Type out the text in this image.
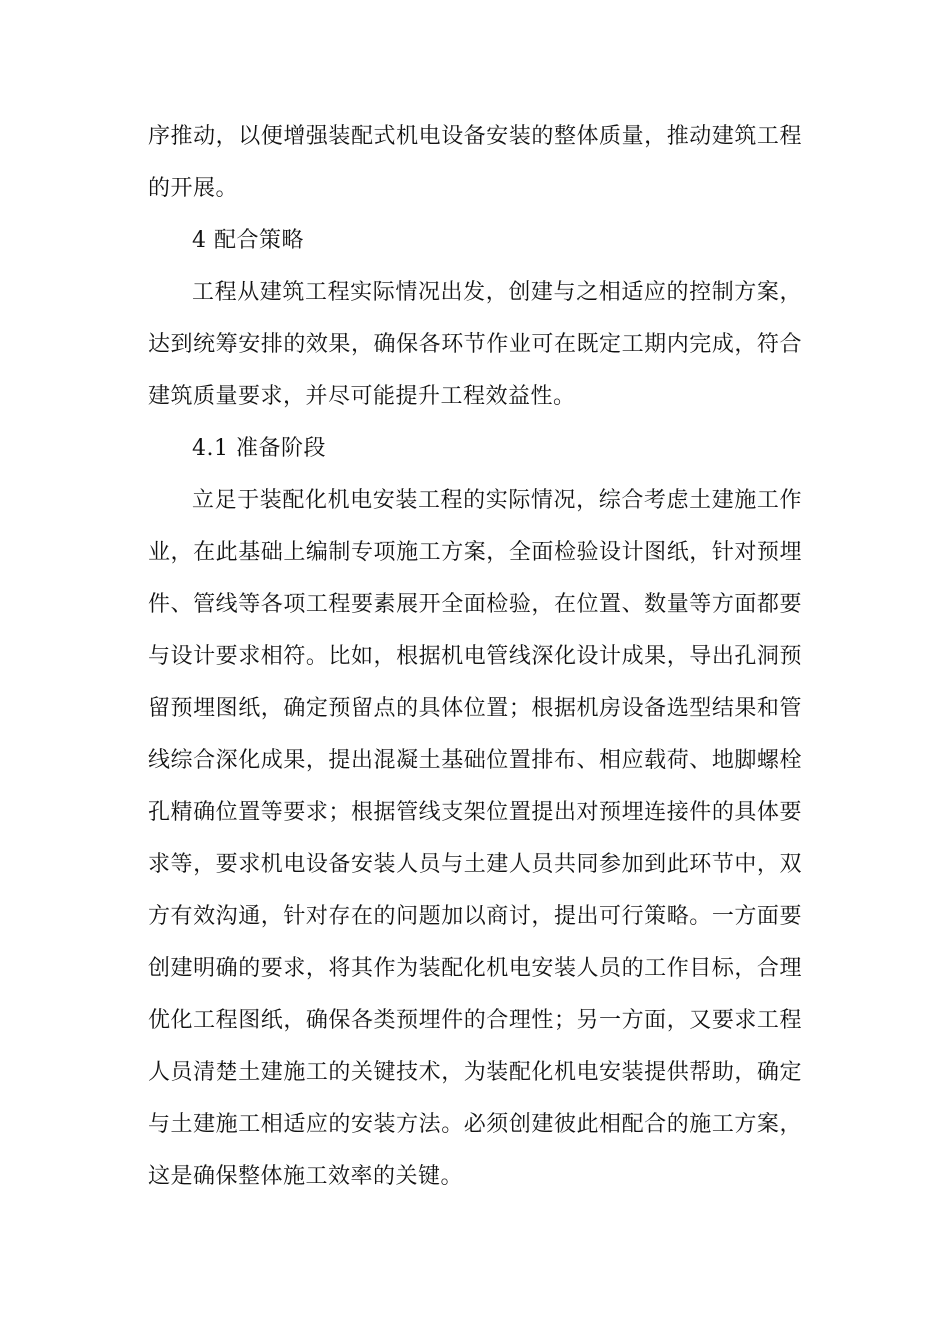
序推动，以便增强装配式机电设备安装的整体质量，推动建筑工程
的开展。
4 配合策略
工程从建筑工程实际情况出发，创建与之相适应的控制方案，
达到统筹安排的效果，确保各环节作业可在既定工期内完成，符合
建筑质量要求，并尽可能提升工程效益性。
4.1 准备阶段
立足于装配化机电安装工程的实际情况，综合考虑土建施工作
业，在此基础上编制专项施工方案，全面检验设计图纸，针对预埋
件、管线等各项工程要素展开全面检验，在位置、数量等方面都要
与设计要求相符。比如，根据机电管线深化设计成果，导出孔洞预
留预埋图纸，确定预留点的具体位置；根据机房设备选型结果和管
线综合深化成果，提出混凝土基础位置排布、相应载荷、地脚螺栓
孔精确位置等要求；根据管线支架位置提出对预埋连接件的具体要
求等，要求机电设备安装人员与土建人员共同参加到此环节中，双
方有效沟通，针对存在的问题加以商讨，提出可行策略。一方面要
创建明确的要求，将其作为装配化机电安装人员的工作目标，合理
优化工程图纸，确保各类预埋件的合理性；另一方面，又要求工程
人员清楚土建施工的关键技术，为装配化机电安装提供帮助，确定
与土建施工相适应的安装方法。必须创建彼此相配合的施工方案，
这是确保整体施工效率的关键。
